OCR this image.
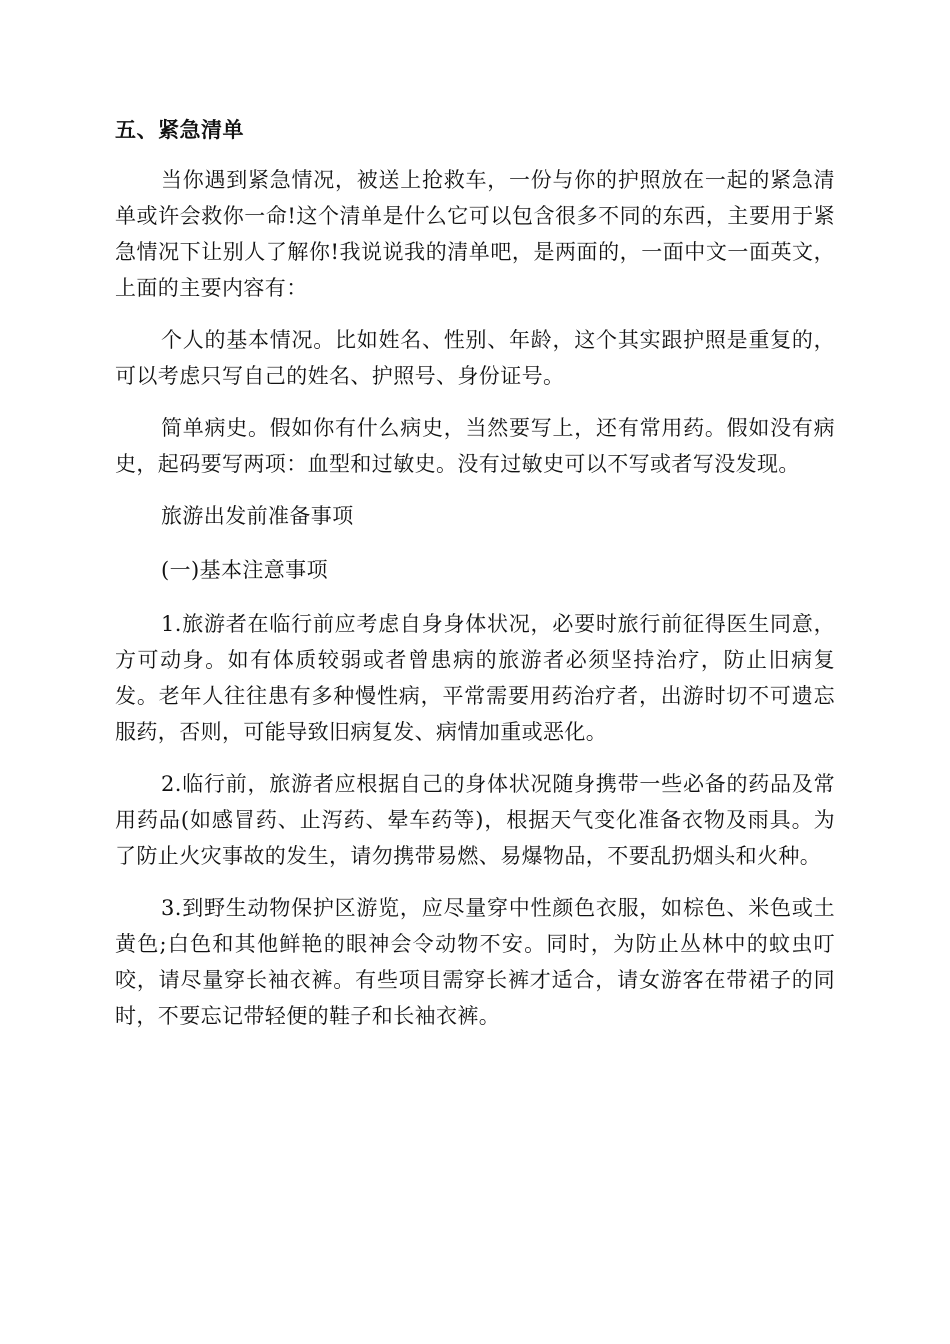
五、紧急清单

当你遇到紧急情况，被送上抢救车，一份与你的护照放在一起的紧急清单或许会救你一命!这个清单是什么它可以包含很多不同的东西，主要用于紧急情况下让别人了解你!我说说我的清单吧，是两面的，一面中文一面英文，上面的主要内容有：

个人的基本情况。比如姓名、性别、年龄，这个其实跟护照是重复的，可以考虑只写自己的姓名、护照号、身份证号。

简单病史。假如你有什么病史，当然要写上，还有常用药。假如没有病史，起码要写两项：血型和过敏史。没有过敏史可以不写或者写没发现。

旅游出发前准备事项

(一)基本注意事项

1.旅游者在临行前应考虑自身身体状况，必要时旅行前征得医生同意，方可动身。如有体质较弱或者曾患病的旅游者必须坚持治疗，防止旧病复发。老年人往往患有多种慢性病，平常需要用药治疗者，出游时切不可遗忘服药，否则，可能导致旧病复发、病情加重或恶化。

2.临行前，旅游者应根据自己的身体状况随身携带一些必备的药品及常用药品(如感冒药、止泻药、晕车药等)，根据天气变化准备衣物及雨具。为了防止火灾事故的发生，请勿携带易燃、易爆物品，不要乱扔烟头和火种。

3.到野生动物保护区游览，应尽量穿中性颜色衣服，如棕色、米色或土黄色;白色和其他鲜艳的眼神会令动物不安。同时，为防止丛林中的蚊虫叮咬，请尽量穿长袖衣裤。有些项目需穿长裤才适合，请女游客在带裙子的同时，不要忘记带轻便的鞋子和长袖衣裤。
